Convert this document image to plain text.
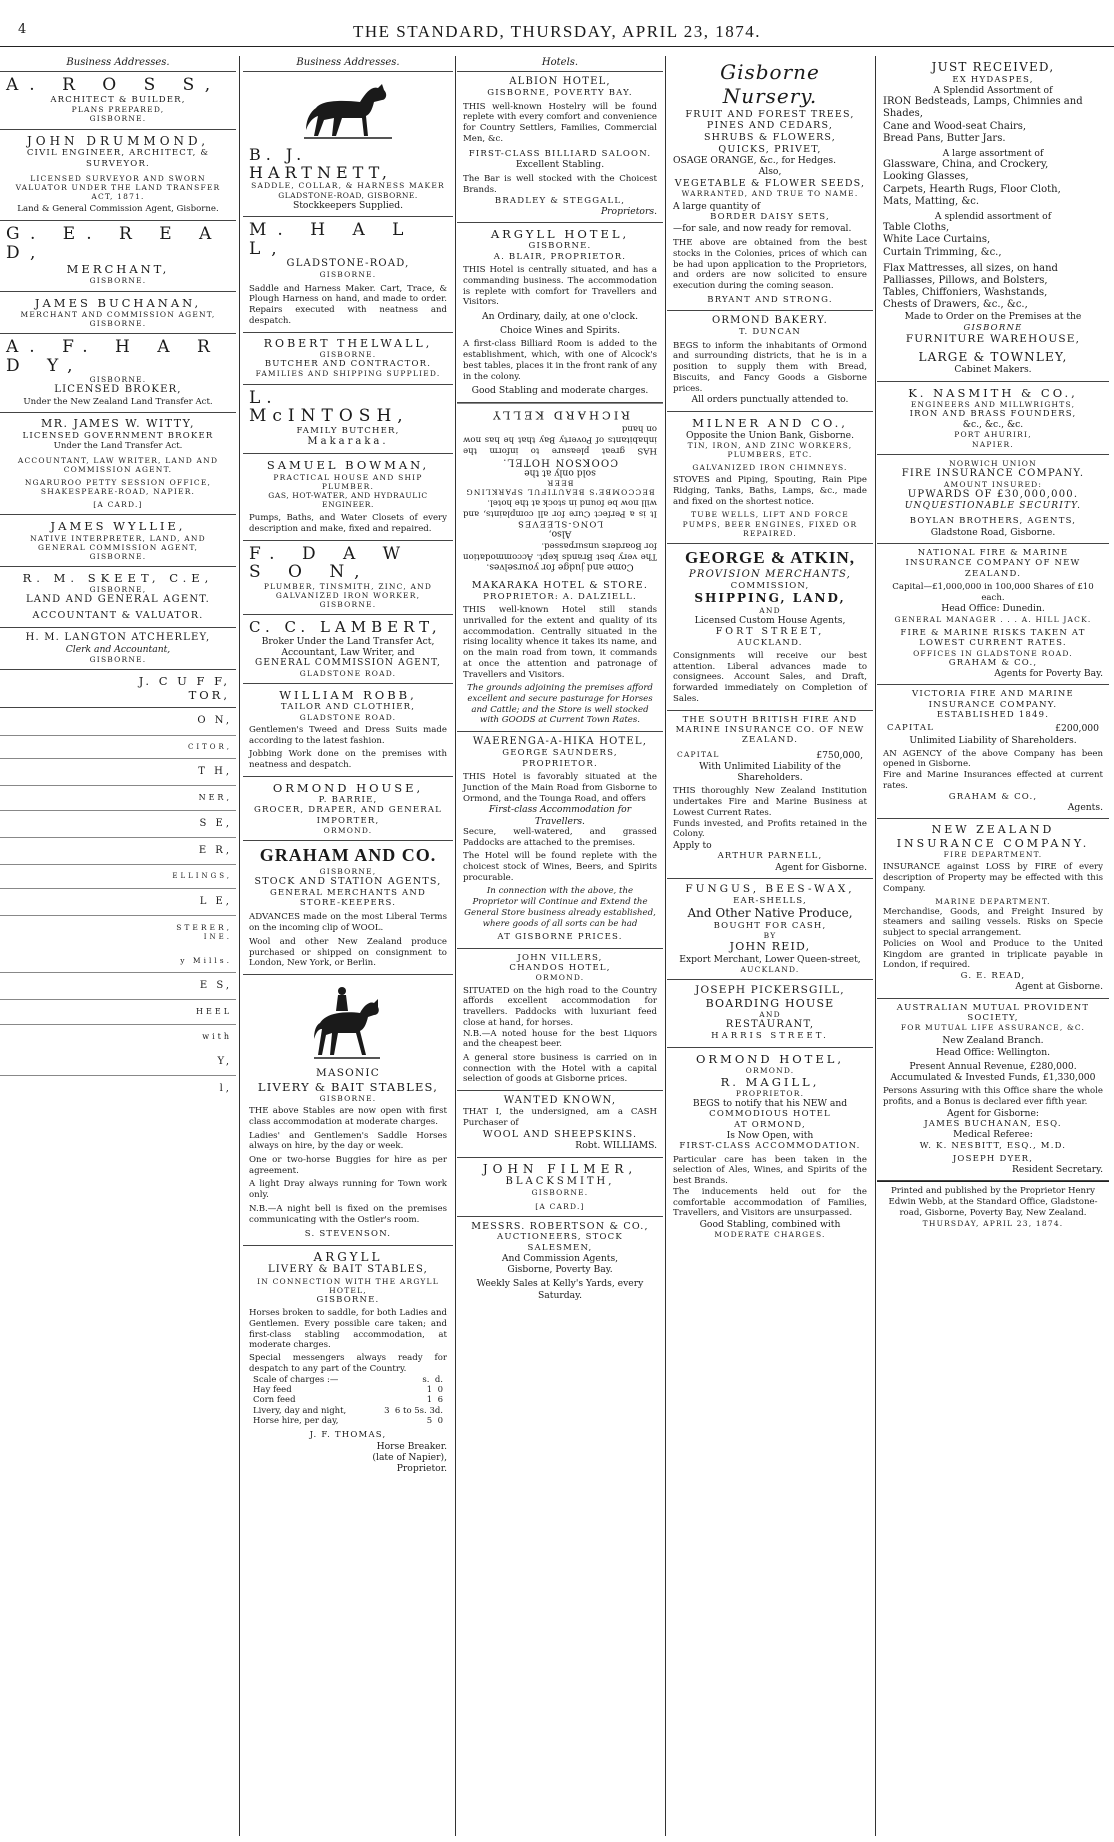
4	THE STANDARD, THURSDAY, APRIL 23, 1874.
Business Addresses.
A. R O S S,
ARCHITECT & BUILDER,
PLANS PREPARED,
GISBORNE.
JOHN DRUMMOND,
CIVIL ENGINEER, ARCHITECT, & SURVEYOR.
LICENSED SURVEYOR AND SWORN VALUATOR UNDER THE LAND TRANSFER ACT, 1871.
Land & General Commission Agent, Gisborne.
G. E. R E A D,
MERCHANT,
GISBORNE.
JAMES BUCHANAN,
MERCHANT AND COMMISSION AGENT,
GISBORNE.
A. F. H A R D Y,
GISBORNE.
LICENSED BROKER,
Under the New Zealand Land Transfer Act.
MR. JAMES W. WITTY,
LICENSED GOVERNMENT BROKER
Under the Land Transfer Act.
ACCOUNTANT, LAW WRITER, LAND AND COMMISSION AGENT.
NGARUROO PETTY SESSION OFFICE, SHAKESPEARE-ROAD, NAPIER.
[A CARD.]
JAMES WYLLIE,
NATIVE INTERPRETER, LAND, AND GENERAL COMMISSION AGENT,
GISBORNE.
R. M. SKEET, C.E,
GISBORNE,
LAND AND GENERAL AGENT.
ACCOUNTANT & VALUATOR.
H. M. LANGTON ATCHERLEY,
Clerk and Accountant,
GISBORNE.
J. C U F F,
TOR,
O N,
CITOR,
T H,
NER,
S E,
E R,
ELLINGS,
L E,
STERER,
INE.
y Mills.
E S,
HEEL
with
Y,
l,
Business Addresses.
B. J. HARTNETT,
SADDLE, COLLAR, & HARNESS MAKER
GLADSTONE-ROAD, GISBORNE.
Stockkeepers Supplied.
M. H A L L,
GLADSTONE-ROAD,
GISBORNE.
Saddle and Harness Maker. Cart, Trace, & Plough Harness on hand, and made to order. Repairs executed with neatness and despatch.
ROBERT THELWALL,
GISBORNE.
BUTCHER AND CONTRACTOR.
FAMILIES AND SHIPPING SUPPLIED.
L. McINTOSH,
FAMILY BUTCHER,
Makaraka.
SAMUEL BOWMAN,
PRACTICAL HOUSE AND SHIP PLUMBER.
GAS, HOT-WATER, AND HYDRAULIC ENGINEER.
Pumps, Baths, and Water Closets of every description and make, fixed and repaired.
F. D A W S O N,
PLUMBER, TINSMITH, ZINC, AND GALVANIZED IRON WORKER,
GISBORNE.
C. C. LAMBERT,
Broker Under the Land Transfer Act,
Accountant, Law Writer, and
GENERAL COMMISSION AGENT,
GLADSTONE ROAD.
WILLIAM ROBB,
TAILOR AND CLOTHIER,
GLADSTONE ROAD.
Gentlemen's Tweed and Dress Suits made according to the latest fashion.
Jobbing Work done on the premises with neatness and despatch.
ORMOND HOUSE,
P. BARRIE,
GROCER, DRAPER, AND GENERAL IMPORTER,
ORMOND.
GRAHAM AND CO.
GISBORNE,
STOCK AND STATION AGENTS,
GENERAL MERCHANTS AND STORE-KEEPERS.
ADVANCES made on the most Liberal Terms on the incoming clip of WOOL.
Wool and other New Zealand produce purchased or shipped on consignment to London, New York, or Berlin.
MASONIC
LIVERY & BAIT STABLES,
GISBORNE.
THE above Stables are now open with first class accommodation at moderate charges.
Ladies' and Gentlemen's Saddle Horses always on hire, by the day or week.
One or two-horse Buggies for hire as per agreement.
A light Dray always running for Town work only.
N.B.—A night bell is fixed on the premises communicating with the Ostler's room.
S. STEVENSON.
ARGYLL
LIVERY & BAIT STABLES,
IN CONNECTION WITH THE ARGYLL HOTEL,
GISBORNE.
Horses broken to saddle, for both Ladies and Gentlemen. Every possible care taken; and first-class stabling accommodation, at moderate charges.
Special messengers always ready for despatch to any part of the Country.
Scale of charges :—	s. d.
Hay feed	1 0
Corn feed	1 6
Livery, day and night,	3 6 to 5s. 3d.
Horse hire, per day,	5 0
J. F. THOMAS,
Horse Breaker.
(late of Napier),
Proprietor.
Hotels.
ALBION HOTEL,
GISBORNE, POVERTY BAY.
THIS well-known Hostelry will be found replete with every comfort and convenience for Country Settlers, Families, Commercial Men, &c.
FIRST-CLASS BILLIARD SALOON.
Excellent Stabling.
The Bar is well stocked with the Choicest Brands.
BRADLEY & STEGGALL,
Proprietors.
ARGYLL HOTEL,
GISBORNE.
A. BLAIR, PROPRIETOR.
THIS Hotel is centrally situated, and has a commanding business. The accommodation is replete with comfort for Travellers and Visitors.
An Ordinary, daily, at one o'clock.
Choice Wines and Spirits.
A first-class Billiard Room is added to the establishment, which, with one of Alcock's best tables, places it in the front rank of any in the colony.
Good Stabling and moderate charges.
Come and judge for yourselves.
The very best Brands kept. Accommodation for Boarders unsurpassed.
Also,
LONG-SLEEVES
It is a Perfect Cure for all complaints, and will now be found in stock at the hotel.
BECCOMBE'S BEAUTIFUL SPARKLING BEER
sold only at the
COOKSON HOTEL.
HAS great pleasure to inform the inhabitants of Poverty Bay that he has now on hand
RICHARD KELLY
MAKARAKA HOTEL & STORE.
PROPRIETOR: A. DALZIELL.
THIS well-known Hotel still stands unrivalled for the extent and quality of its accommodation. Centrally situated in the rising locality whence it takes its name, and on the main road from town, it commands at once the attention and patronage of Travellers and Visitors.
The grounds adjoining the premises afford excellent and secure pasturage for Horses and Cattle; and the Store is well stocked with GOODS at Current Town Rates.
WAERENGA-A-HIKA HOTEL,
GEORGE SAUNDERS, PROPRIETOR.
THIS Hotel is favorably situated at the Junction of the Main Road from Gisborne to Ormond, and the Tounga Road, and offers
First-class Accommodation for Travellers.
Secure, well-watered, and grassed Paddocks are attached to the premises.
The Hotel will be found replete with the choicest stock of Wines, Beers, and Spirits procurable.
In connection with the above, the Proprietor will Continue and Extend the General Store business already established, where goods of all sorts can be had
AT GISBORNE PRICES.
JOHN VILLERS,
CHANDOS HOTEL,
ORMOND.
SITUATED on the high road to the Country affords excellent accommodation for travellers. Paddocks with luxuriant feed close at hand, for horses.
N.B.—A noted house for the best Liquors and the cheapest beer.
A general store business is carried on in connection with the Hotel with a capital selection of goods at Gisborne prices.
WANTED KNOWN,
THAT I, the undersigned, am a CASH Purchaser of
WOOL AND SHEEPSKINS.
Robt. WILLIAMS.
JOHN FILMER,
BLACKSMITH,
GISBORNE.
[A CARD.]
MESSRS. ROBERTSON & CO.,
AUCTIONEERS, STOCK SALESMEN,
And Commission Agents,
Gisborne, Poverty Bay.
Weekly Sales at Kelly's Yards, every Saturday.
Gisborne Nursery.
FRUIT AND FOREST TREES,
PINES AND CEDARS,
SHRUBS & FLOWERS,
QUICKS, PRIVET,
OSAGE ORANGE, &c., for Hedges.
Also,
VEGETABLE & FLOWER SEEDS,
WARRANTED, AND TRUE TO NAME.
A large quantity of
BORDER DAISY SETS,
—for sale, and now ready for removal.
THE above are obtained from the best stocks in the Colonies, prices of which can be had upon application to the Proprietors, and orders are now solicited to ensure execution during the coming season.
BRYANT AND STRONG.
ORMOND BAKERY.
T. DUNCAN
BEGS to inform the inhabitants of Ormond and surrounding districts, that he is in a position to supply them with Bread, Biscuits, and Fancy Goods a Gisborne prices.
All orders punctually attended to.
MILNER AND CO.,
Opposite the Union Bank, Gisborne.
TIN, IRON, AND ZINC WORKERS, PLUMBERS, ETC.
GALVANIZED IRON CHIMNEYS.
STOVES and Piping, Spouting, Rain Pipe Ridging, Tanks, Baths, Lamps, &c., made and fixed on the shortest notice.
TUBE WELLS, LIFT AND FORCE PUMPS, BEER ENGINES, FIXED OR REPAIRED.
GEORGE & ATKIN,
PROVISION MERCHANTS,
COMMISSION,
SHIPPING, LAND,
AND
Licensed Custom House Agents,
FORT STREET,
AUCKLAND.
Consignments will receive our best attention. Liberal advances made to consignees. Account Sales, and Draft, forwarded immediately on Completion of Sales.
THE SOUTH BRITISH FIRE AND MARINE INSURANCE CO. OF NEW ZEALAND.
CAPITAL	£750,000,
With Unlimited Liability of the Shareholders.
THIS thoroughly New Zealand Institution undertakes Fire and Marine Business at Lowest Current Rates.
Funds invested, and Profits retained in the Colony.
Apply to
ARTHUR PARNELL,
Agent for Gisborne.
FUNGUS, BEES-WAX,
EAR-SHELLS,
And Other Native Produce,
BOUGHT FOR CASH,
BY
JOHN REID,
Export Merchant, Lower Queen-street,
AUCKLAND.
JOSEPH PICKERSGILL,
BOARDING HOUSE
AND
RESTAURANT,
HARRIS STREET.
ORMOND HOTEL,
ORMOND.
R. MAGILL,
PROPRIETOR.
BEGS to notify that his NEW and
COMMODIOUS HOTEL
AT ORMOND,
Is Now Open, with
FIRST-CLASS ACCOMMODATION.
Particular care has been taken in the selection of Ales, Wines, and Spirits of the best Brands.
The inducements held out for the comfortable accommodation of Families, Travellers, and Visitors are unsurpassed.
Good Stabling, combined with
MODERATE CHARGES.
JUST RECEIVED,
EX HYDASPES,
A Splendid Assortment of
IRON Bedsteads, Lamps, Chimnies and Shades,
Cane and Wood-seat Chairs,
Bread Pans, Butter Jars.
A large assortment of
Glassware, China, and Crockery,
Looking Glasses,
Carpets, Hearth Rugs, Floor Cloth,
Mats, Matting, &c.
A splendid assortment of
Table Cloths,
White Lace Curtains,
Curtain Trimming, &c.,
Flax Mattresses, all sizes, on hand
Palliasses, Pillows, and Bolsters,
Tables, Chiffoniers, Washstands,
Chests of Drawers, &c., &c.,
Made to Order on the Premises at the
GISBORNE
FURNITURE WAREHOUSE,
LARGE & TOWNLEY,
Cabinet Makers.
K. NASMITH & CO.,
ENGINEERS AND MILLWRIGHTS,
IRON AND BRASS FOUNDERS,
&c., &c., &c.
PORT AHURIRI,
NAPIER.
NORWICH UNION
FIRE INSURANCE COMPANY.
AMOUNT INSURED:
UPWARDS OF £30,000,000.
UNQUESTIONABLE SECURITY.
BOYLAN BROTHERS, AGENTS,
Gladstone Road, Gisborne.
NATIONAL FIRE & MARINE INSURANCE COMPANY OF NEW ZEALAND.
Capital—£1,000,000 in 100,000 Shares of £10 each.
Head Office: Dunedin.
GENERAL MANAGER . . . A. HILL JACK.
FIRE & MARINE RISKS TAKEN AT LOWEST CURRENT RATES.
OFFICES IN GLADSTONE ROAD.
GRAHAM & CO.,
Agents for Poverty Bay.
VICTORIA FIRE AND MARINE INSURANCE COMPANY.
ESTABLISHED 1849.
CAPITAL	£200,000
Unlimited Liability of Shareholders.
AN AGENCY of the above Company has been opened in Gisborne.
Fire and Marine Insurances effected at current rates.
GRAHAM & CO.,
Agents.
NEW ZEALAND
INSURANCE COMPANY.
FIRE DEPARTMENT.
INSURANCE against LOSS by FIRE of every description of Property may be effected with this Company.
MARINE DEPARTMENT.
Merchandise, Goods, and Freight Insured by steamers and sailing vessels. Risks on Specie subject to special arrangement.
Policies on Wool and Produce to the United Kingdom are granted in triplicate payable in London, if required.
G. E. READ,
Agent at Gisborne.
AUSTRALIAN MUTUAL PROVIDENT SOCIETY,
FOR MUTUAL LIFE ASSURANCE, &C.
New Zealand Branch.
Head Office: Wellington.
Present Annual Revenue, £280,000.
Accumulated & Invested Funds, £1,330,000
Persons Assuring with this Office share the whole profits, and a Bonus is declared ever fifth year.
Agent for Gisborne:
JAMES BUCHANAN, ESQ.
Medical Referee:
W. K. NESBITT, ESQ., M.D.
JOSEPH DYER,
Resident Secretary.
Printed and published by the Proprietor Henry Edwin Webb, at the Standard Office, Gladstone-road, Gisborne, Poverty Bay, New Zealand.
THURSDAY, APRIL 23, 1874.
